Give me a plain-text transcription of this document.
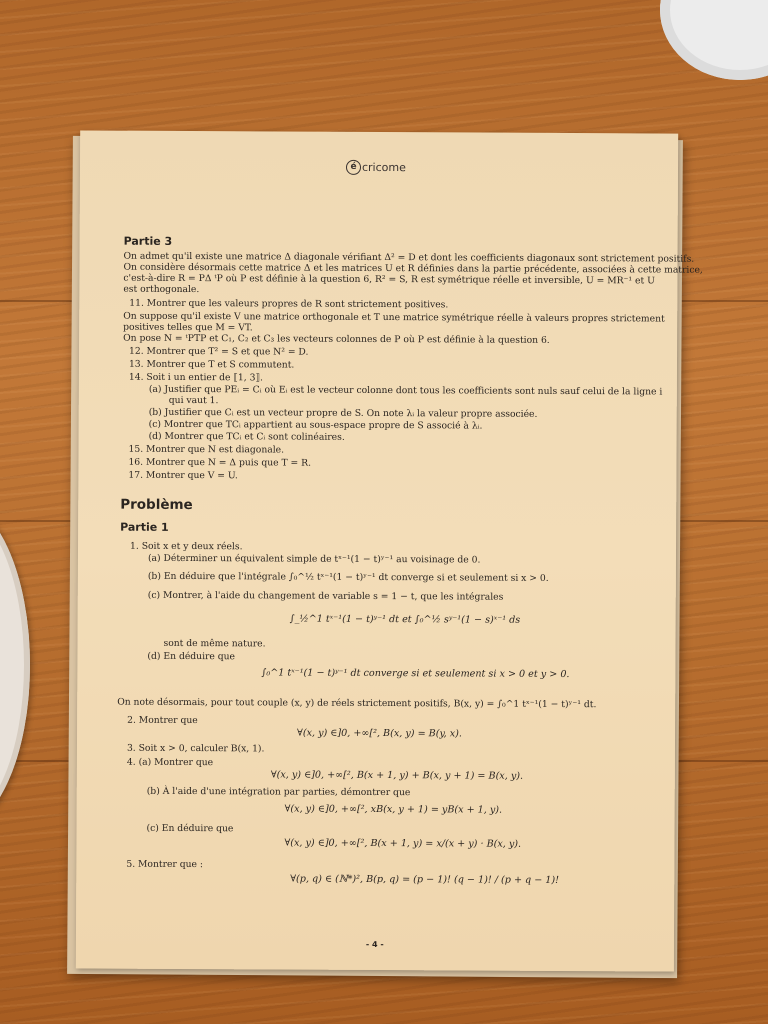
é cricome
Partie 3
On admet qu'il existe une matrice Δ diagonale vérifiant Δ² = D et dont les coefficients diagonaux sont strictement positifs.
On considère désormais cette matrice Δ et les matrices U et R définies dans la partie précédente, associées à cette matrice,
c'est-à-dire R = PΔ ᵗP où P est définie à la question 6, R² = S, R est symétrique réelle et inversible, U = MR⁻¹ et U
est orthogonale.
11. Montrer que les valeurs propres de R sont strictement positives.
On suppose qu'il existe V une matrice orthogonale et T une matrice symétrique réelle à valeurs propres strictement
positives telles que M = VT.
On pose N = ᵗPTP et C₁, C₂ et C₃ les vecteurs colonnes de P où P est définie à la question 6.
12. Montrer que T² = S et que N² = D.
13. Montrer que T et S commutent.
14. Soit i un entier de ⟦1, 3⟧.
(a) Justifier que PEᵢ = Cᵢ où Eᵢ est le vecteur colonne dont tous les coefficients sont nuls sauf celui de la ligne i
qui vaut 1.
(b) Justifier que Cᵢ est un vecteur propre de S. On note λᵢ la valeur propre associée.
(c) Montrer que TCᵢ appartient au sous-espace propre de S associé à λᵢ.
(d) Montrer que TCᵢ et Cᵢ sont colinéaires.
15. Montrer que N est diagonale.
16. Montrer que N = Δ puis que T = R.
17. Montrer que V = U.
Problème
Partie 1
1. Soit x et y deux réels.
(a) Déterminer un équivalent simple de tˣ⁻¹(1 − t)ʸ⁻¹ au voisinage de 0.
(b) En déduire que l'intégrale ∫₀^½ tˣ⁻¹(1 − t)ʸ⁻¹ dt converge si et seulement si x > 0.
(c) Montrer, à l'aide du changement de variable s = 1 − t, que les intégrales
∫_½^1 tˣ⁻¹(1 − t)ʸ⁻¹ dt et ∫₀^½ sʸ⁻¹(1 − s)ˣ⁻¹ ds
sont de même nature.
(d) En déduire que
∫₀^1 tˣ⁻¹(1 − t)ʸ⁻¹ dt converge si et seulement si x > 0 et y > 0.
On note désormais, pour tout couple (x, y) de réels strictement positifs, B(x, y) = ∫₀^1 tˣ⁻¹(1 − t)ʸ⁻¹ dt.
2. Montrer que
∀(x, y) ∈]0, +∞[², B(x, y) = B(y, x).
3. Soit x > 0, calculer B(x, 1).
4. (a) Montrer que
∀(x, y) ∈]0, +∞[², B(x + 1, y) + B(x, y + 1) = B(x, y).
(b) À l'aide d'une intégration par parties, démontrer que
∀(x, y) ∈]0, +∞[², xB(x, y + 1) = yB(x + 1, y).
(c) En déduire que
∀(x, y) ∈]0, +∞[², B(x + 1, y) = x/(x + y) · B(x, y).
5. Montrer que :
∀(p, q) ∈ (ℕ*)², B(p, q) = (p − 1)! (q − 1)! / (p + q − 1)!
- 4 -
